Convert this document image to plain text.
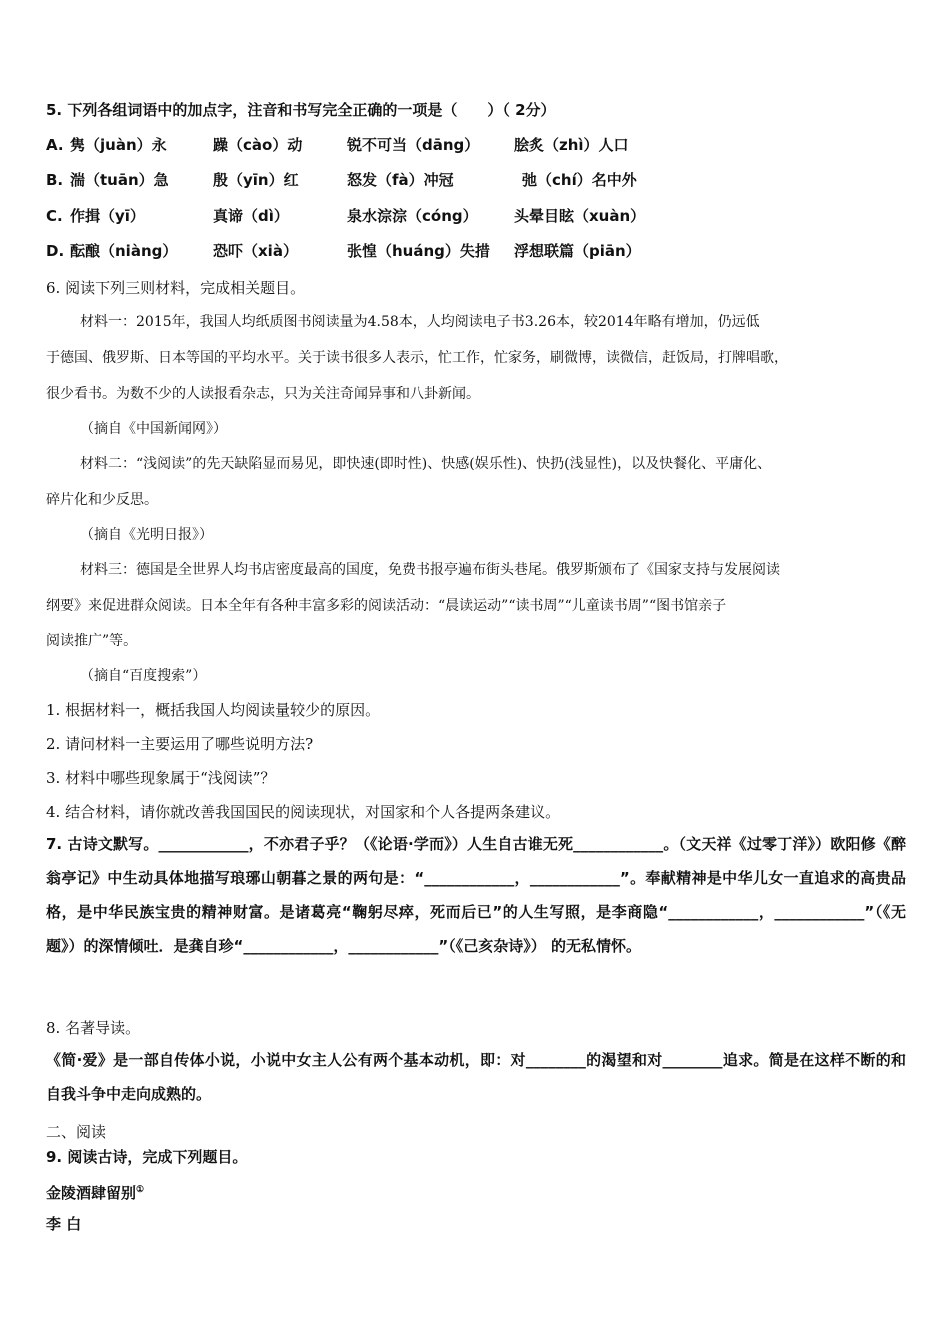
5. 下列各组词语中的加点字，注音和书写完全正确的一项是（　　）（ 2分）
A. 隽（juàn）永	躁（cào）动	锐不可当（dāng） 脍炙（zhì）人口
B. 湍（tuān）急	殷（yīn）红	怒发（fà）冲冠	弛（chí）名中外
C. 作揖（yī）	真谛（dì）	泉水淙淙（cóng） 头晕目眩（xuàn）
D. 酝酿（niàng） 恐吓（xià）	张惶（huáng）失措 浮想联篇（piān）
6. 阅读下列三则材料，完成相关题目。
材料一：2015年，我国人均纸质图书阅读量为4.58本，人均阅读电子书3.26本，较2014年略有增加，仍远低
于德国、俄罗斯、日本等国的平均水平。关于读书很多人表示，忙工作，忙家务，刷微博，读微信，赶饭局，打牌唱歌，
很少看书。为数不少的人读报看杂志，只为关注奇闻异事和八卦新闻。
（摘自《中国新闻网》）
材料二：“浅阅读”的先天缺陷显而易见，即快速(即时性)、快感(娱乐性)、快扔(浅显性)，以及快餐化、平庸化、
碎片化和少反思。
（摘自《光明日报》）
材料三：德国是全世界人均书店密度最高的国度，免费书报亭遍布街头巷尾。俄罗斯颁布了《国家支持与发展阅读
纲要》来促进群众阅读。日本全年有各种丰富多彩的阅读活动：“晨读运动”“读书周”“儿童读书周”“图书馆亲子
阅读推广”等。
（摘自“百度搜索”）
1. 根据材料一，概括我国人均阅读量较少的原因。
2. 请问材料一主要运用了哪些说明方法?
3. 材料中哪些现象属于“浅阅读”？
4. 结合材料，请你就改善我国国民的阅读现状，对国家和个人各提两条建议。
7. 古诗文默写。____________，不亦君子乎？（《论语·学而》）人生自古谁无死____________。（文天祥《过零丁洋》）欧阳修《醉翁亭记》中生动具体地描写琅琊山朝暮之景的两句是：“____________，____________”。奉献精神是中华儿女一直追求的高贵品格，是中华民族宝贵的精神财富。是诸葛亮“鞠躬尽瘁，死而后已”的人生写照，是李商隐“____________，____________”（《无题》）的深情倾吐．是龚自珍“____________，____________”（《己亥杂诗》） 的无私情怀。
8. 名著导读。
《简·爱》是一部自传体小说，小说中女主人公有两个基本动机，即：对________的渴望和对________追求。简是在这样不断的和自我斗争中走向成熟的。
二、阅读
9. 阅读古诗，完成下列题目。
金陵酒肆留别①
李 白
